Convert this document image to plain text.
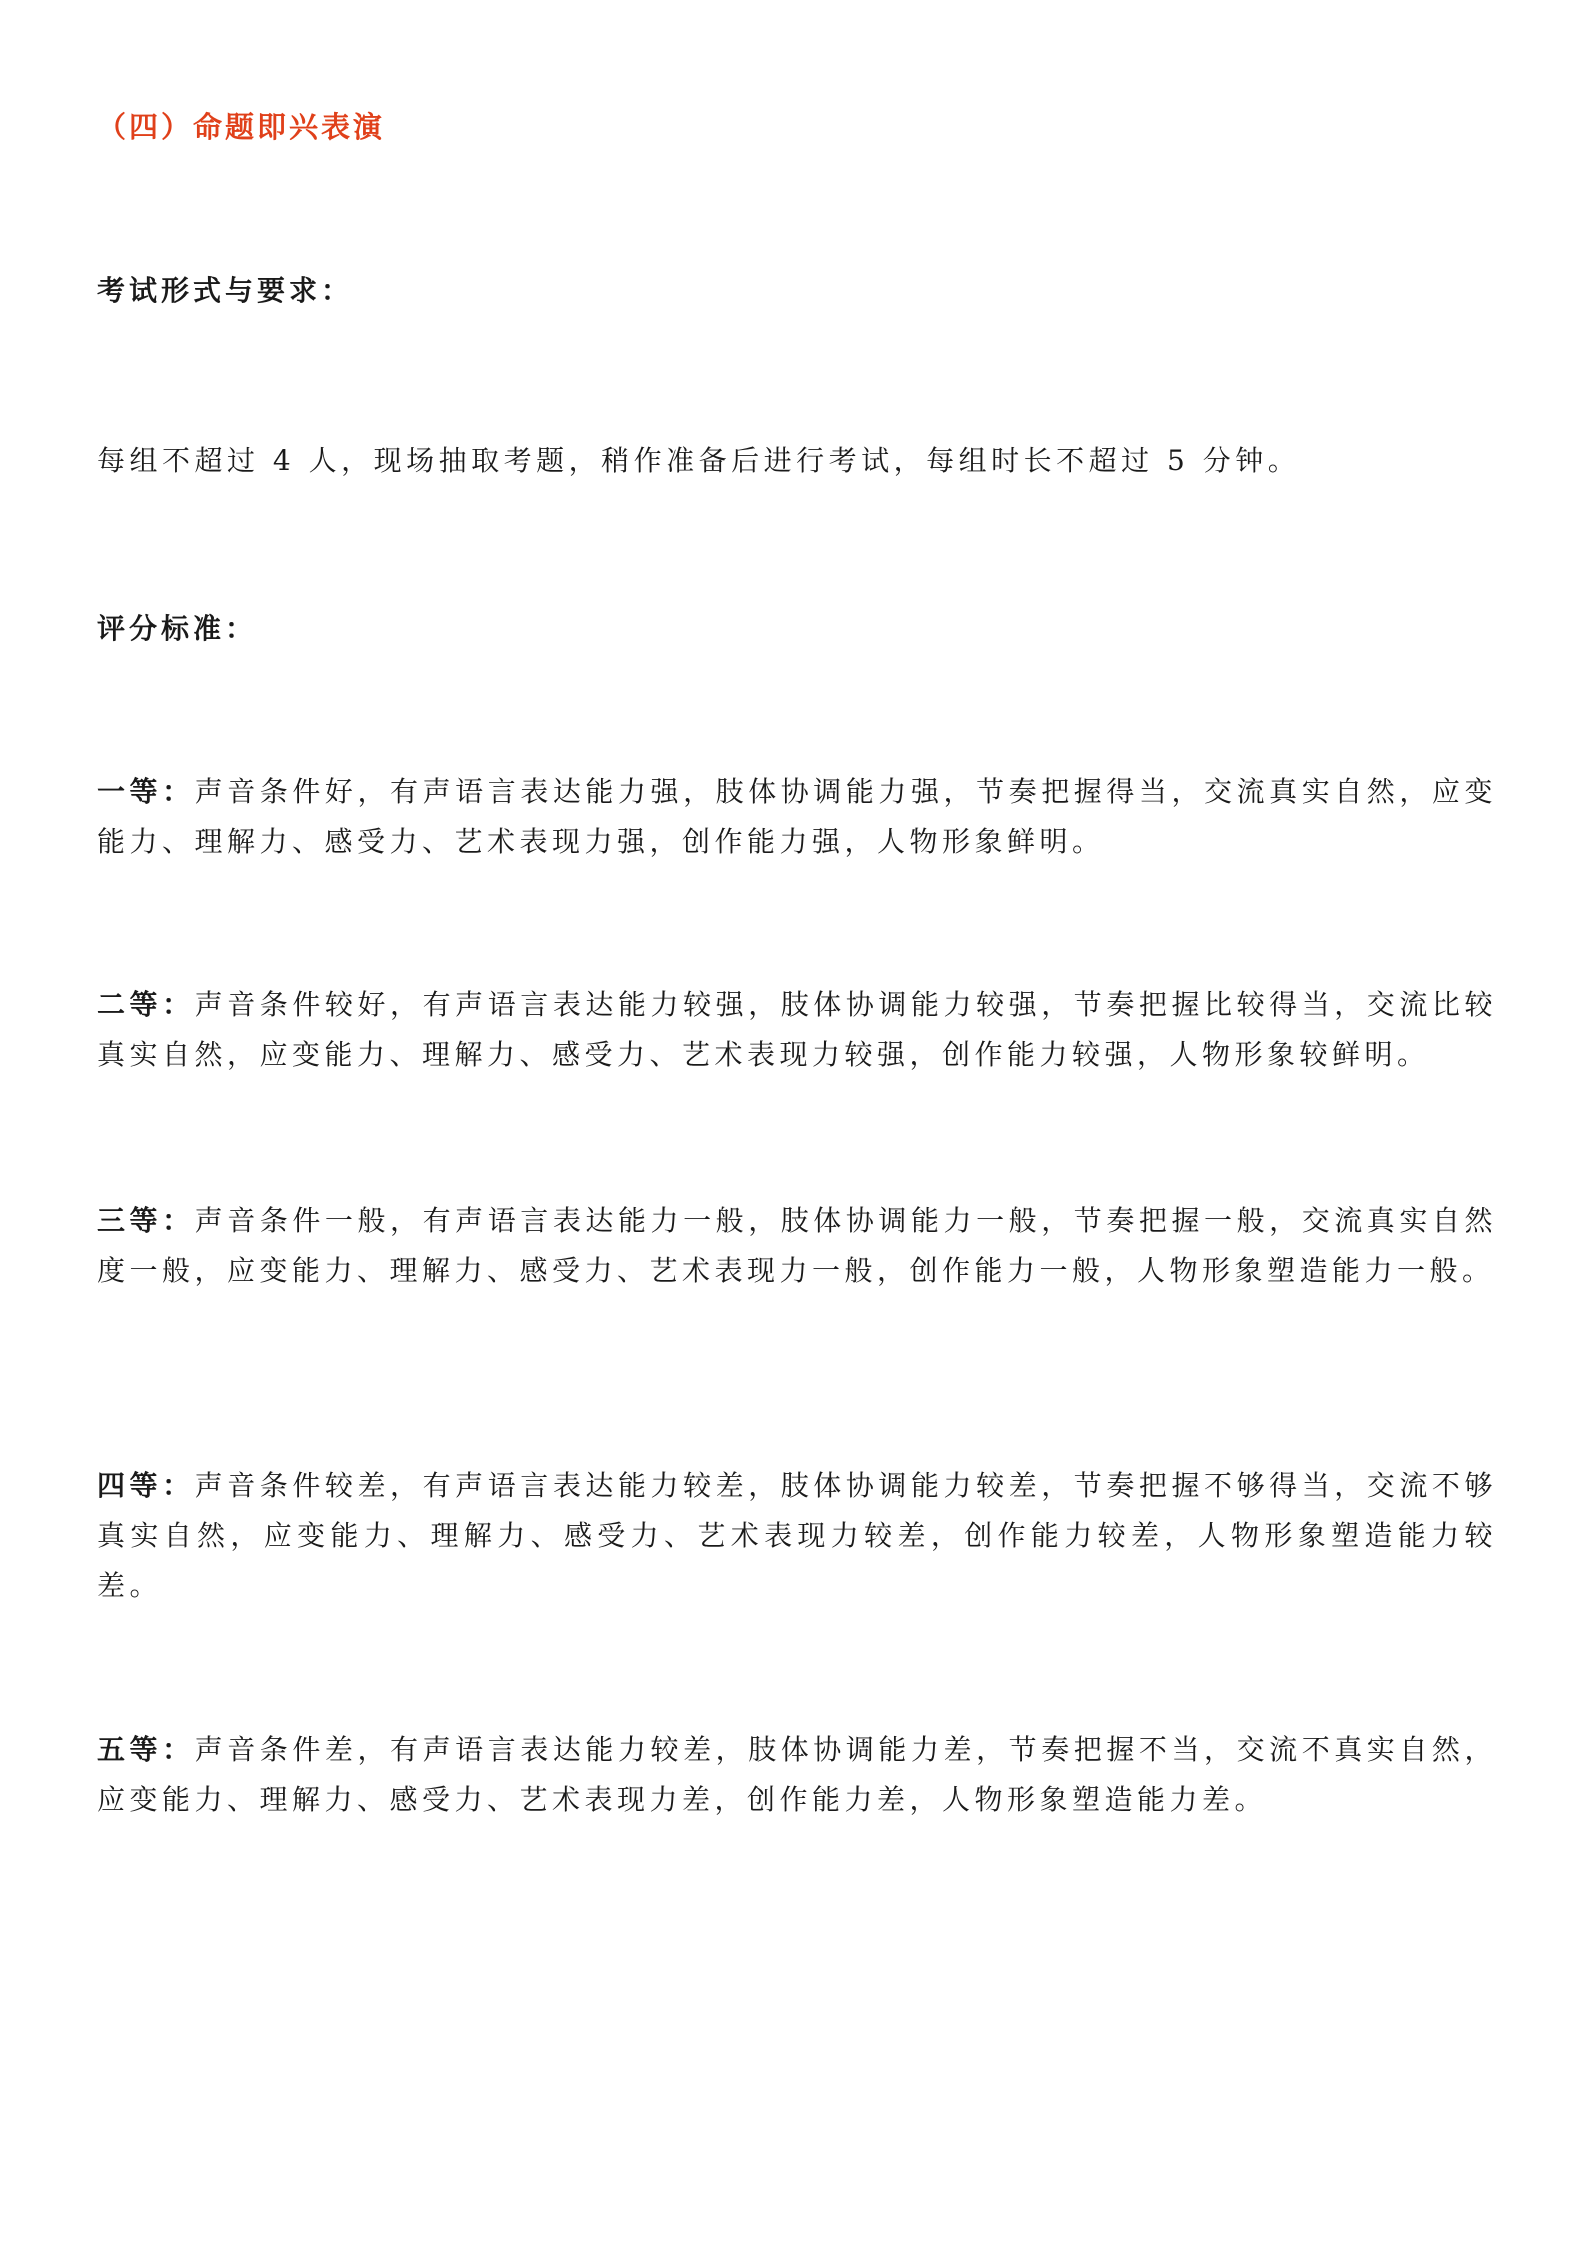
（四）命题即兴表演
考试形式与要求：
每组不超过 4 人，现场抽取考题，稍作准备后进行考试，每组时长不超过 5 分钟。
评分标准：
一等：声音条件好，有声语言表达能力强，肢体协调能力强，节奏把握得当，交流真实自然，应变能力、理解力、感受力、艺术表现力强，创作能力强，人物形象鲜明。
二等：声音条件较好，有声语言表达能力较强，肢体协调能力较强，节奏把握比较得当，交流比较真实自然，应变能力、理解力、感受力、艺术表现力较强，创作能力较强，人物形象较鲜明。
三等：声音条件一般，有声语言表达能力一般，肢体协调能力一般，节奏把握一般，交流真实自然度一般，应变能力、理解力、感受力、艺术表现力一般，创作能力一般，人物形象塑造能力一般。
四等：声音条件较差，有声语言表达能力较差，肢体协调能力较差，节奏把握不够得当，交流不够真实自然，应变能力、理解力、感受力、艺术表现力较差，创作能力较差，人物形象塑造能力较差。
五等：声音条件差，有声语言表达能力较差，肢体协调能力差，节奏把握不当，交流不真实自然，应变能力、理解力、感受力、艺术表现力差，创作能力差，人物形象塑造能力差。
